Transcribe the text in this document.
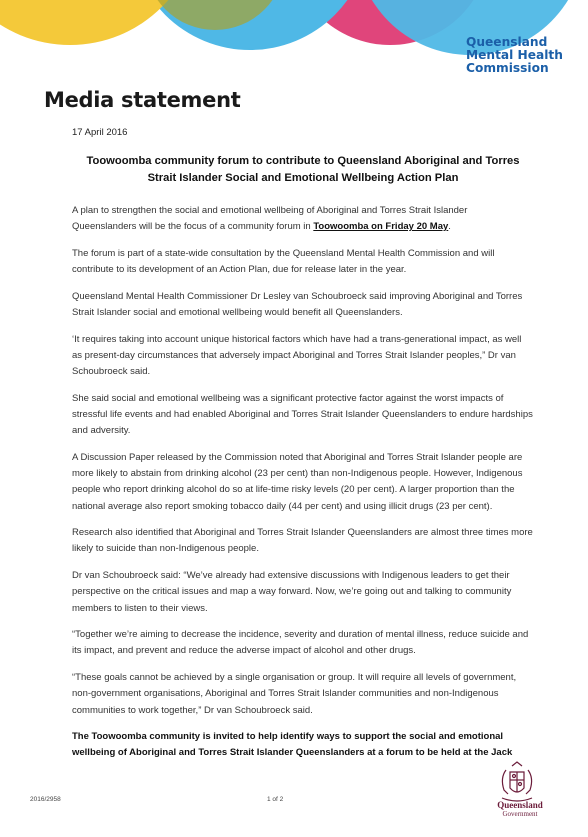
Queensland
Mental Health
Commission
Media statement
17 April 2016
Toowoomba community forum to contribute to Queensland Aboriginal and Torres Strait Islander Social and Emotional Wellbeing Action Plan

A plan to strengthen the social and emotional wellbeing of Aboriginal and Torres Strait Islander Queenslanders will be the focus of a community forum in Toowoomba on Friday 20 May.

The forum is part of a state-wide consultation by the Queensland Mental Health Commission and will contribute to its development of an Action Plan, due for release later in the year.

Queensland Mental Health Commissioner Dr Lesley van Schoubroeck said improving Aboriginal and Torres Strait Islander social and emotional wellbeing would benefit all Queenslanders.

‘It requires taking into account unique historical factors which have had a trans-generational impact, as well as present-day circumstances that adversely impact Aboriginal and Torres Strait Islander peoples,” Dr van Schoubroeck said.

She said social and emotional wellbeing was a significant protective factor against the worst impacts of stressful life events and had enabled Aboriginal and Torres Strait Islander Queenslanders to endure hardships and adversity.

A Discussion Paper released by the Commission noted that Aboriginal and Torres Strait Islander people are more likely to abstain from drinking alcohol (23 per cent) than non-Indigenous people. However, Indigenous people who report drinking alcohol do so at life-time risky levels (20 per cent). A larger proportion than the national average also report smoking tobacco daily (44 per cent) and using illicit drugs (23 per cent).

Research also identified that Aboriginal and Torres Strait Islander Queenslanders are almost three times more likely to suicide than non-Indigenous people.

Dr van Schoubroeck said: “We’ve already had extensive discussions with Indigenous leaders to get their perspective on the critical issues and map a way forward. Now, we’re going out and talking to community members to listen to their views.

“Together we’re aiming to decrease the incidence, severity and duration of mental illness, reduce suicide and its impact, and prevent and reduce the adverse impact of alcohol and other drugs.

“These goals cannot be achieved by a single organisation or group. It will require all levels of government, non-government organisations, Aboriginal and Torres Strait Islander communities and non-Indigenous communities to work together,” Dr van Schoubroeck said.

The Toowoomba community is invited to help identify ways to support the social and emotional wellbeing of Aboriginal and Torres Strait Islander Queenslanders at a forum to be held at the Jack

2016/2958	1 of 2
Queensland
Government
